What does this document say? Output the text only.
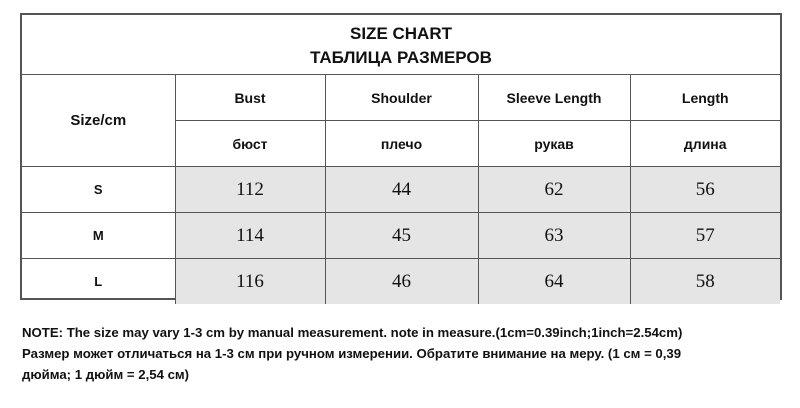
SIZE CHART
ТАБЛИЦА РАЗМЕРОВ
Size/cm	Bust	Shoulder	Sleeve Length	Length
	бюст	плечо	рукав	длина
S	112	44	62	56
M	114	45	63	57
L	116	46	64	58
NOTE: The size may vary 1-3 cm by manual measurement. note in measure.(1cm=0.39inch;1inch=2.54cm)
Размер может отличаться на 1-3 см при ручном измерении. Обратите внимание на меру. (1 см = 0,39
дюйма; 1 дюйм = 2,54 см)
